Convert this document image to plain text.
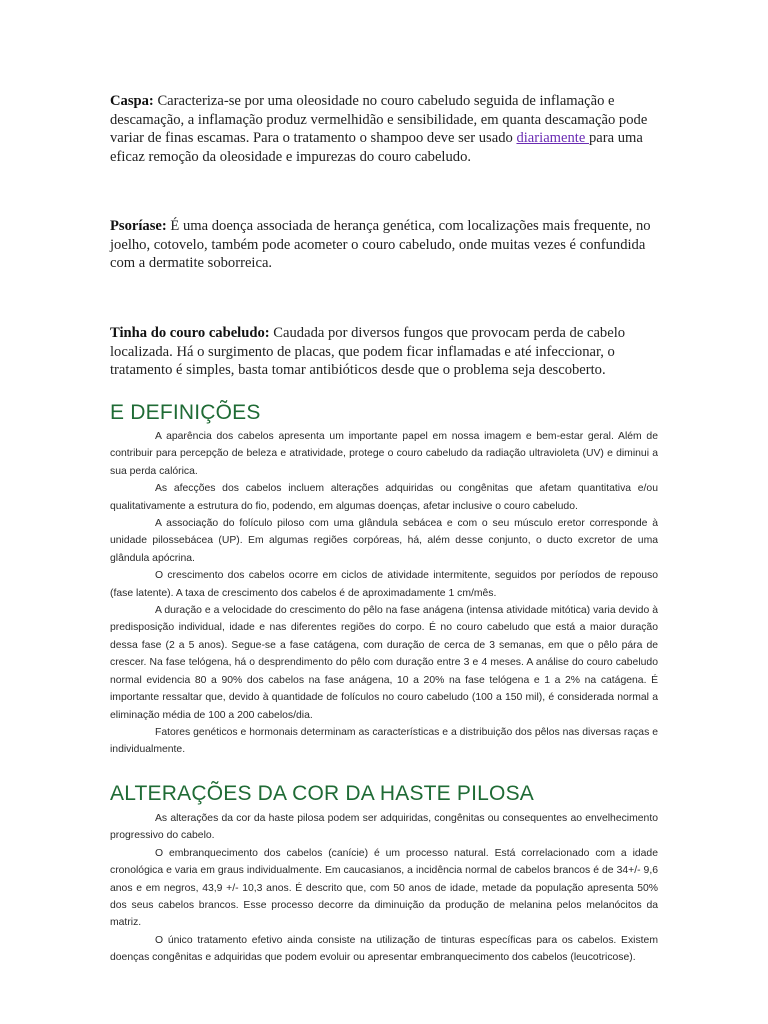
Caspa: Caracteriza-se por uma oleosidade no couro cabeludo seguida de inflamação e descamação, a inflamação produz vermelhidão e sensibilidade, em quanta descamação pode variar de finas escamas. Para o tratamento o shampoo deve ser usado diariamente para uma eficaz remoção da oleosidade e impurezas do couro cabeludo.
Psoríase: É uma doença associada de herança genética, com localizações mais frequente, no joelho, cotovelo, também pode acometer o couro cabeludo, onde muitas vezes é confundida com a dermatite soborreica.
Tinha do couro cabeludo: Caudada por diversos fungos que provocam perda de cabelo localizada. Há o surgimento de placas, que podem ficar inflamadas e até infeccionar, o tratamento é simples, basta tomar antibióticos desde que o problema seja descoberto.
E DEFINIÇÕES

A aparência dos cabelos apresenta um importante papel em nossa imagem e bem-estar geral. Além de contribuir para percepção de beleza e atratividade, protege o couro cabeludo da radiação ultravioleta (UV) e diminui a sua perda calórica.

As afecções dos cabelos incluem alterações adquiridas ou congênitas que afetam quantitativa e/ou qualitativamente a estrutura do fio, podendo, em algumas doenças, afetar inclusive o couro cabeludo.

A associação do folículo piloso com uma glândula sebácea e com o seu músculo eretor corresponde à unidade pilossebácea (UP). Em algumas regiões corpóreas, há, além desse conjunto, o ducto excretor de uma glândula apócrina.

O crescimento dos cabelos ocorre em ciclos de atividade intermitente, seguidos por períodos de repouso (fase latente). A taxa de crescimento dos cabelos é de aproximadamente 1 cm/mês.

A duração e a velocidade do crescimento do pêlo na fase anágena (intensa atividade mitótica) varia devido à predisposição individual, idade e nas diferentes regiões do corpo. É no couro cabeludo que está a maior duração dessa fase (2 a 5 anos). Segue-se a fase catágena, com duração de cerca de 3 semanas, em que o pêlo pára de crescer. Na fase telógena, há o desprendimento do pêlo com duração entre 3 e 4 meses. A análise do couro cabeludo normal evidencia 80 a 90% dos cabelos na fase anágena, 10 a 20% na fase telógena e 1 a 2% na catágena. É importante ressaltar que, devido à quantidade de folículos no couro cabeludo (100 a 150 mil), é considerada normal a eliminação média de 100 a 200 cabelos/dia.

Fatores genéticos e hormonais determinam as características e a distribuição dos pêlos nas diversas raças e individualmente.

ALTERAÇÕES DA COR DA HASTE PILOSA

As alterações da cor da haste pilosa podem ser adquiridas, congênitas ou consequentes ao envelhecimento progressivo do cabelo.

O embranquecimento dos cabelos (canície) é um processo natural. Está correlacionado com a idade cronológica e varia em graus individualmente. Em caucasianos, a incidência normal de cabelos brancos é de 34+/- 9,6 anos e em negros, 43,9 +/- 10,3 anos. É descrito que, com 50 anos de idade, metade da população apresenta 50% dos seus cabelos brancos. Esse processo decorre da diminuição da produção de melanina pelos melanócitos da matriz.

O único tratamento efetivo ainda consiste na utilização de tinturas específicas para os cabelos. Existem doenças congênitas e adquiridas que podem evoluir ou apresentar embranquecimento dos cabelos (leucotricose).
